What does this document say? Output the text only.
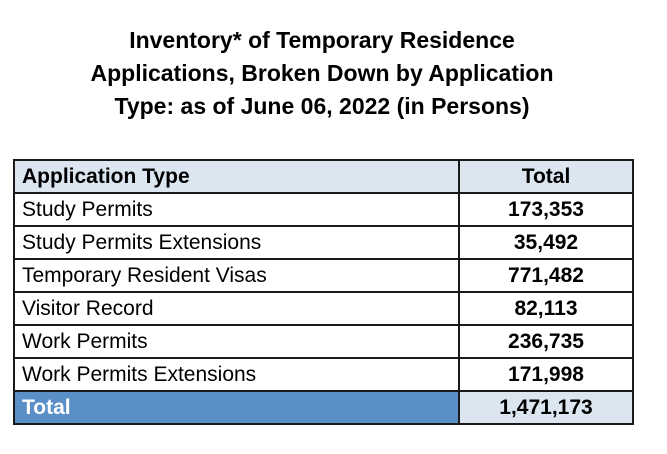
Inventory* of Temporary Residence
Applications, Broken Down by Application
Type: as of June 06, 2022 (in Persons)
Application Type	Total
Study Permits	173,353
Study Permits Extensions	35,492
Temporary Resident Visas	771,482
Visitor Record	82,113
Work Permits	236,735
Work Permits Extensions	171,998
Total	1,471,173
